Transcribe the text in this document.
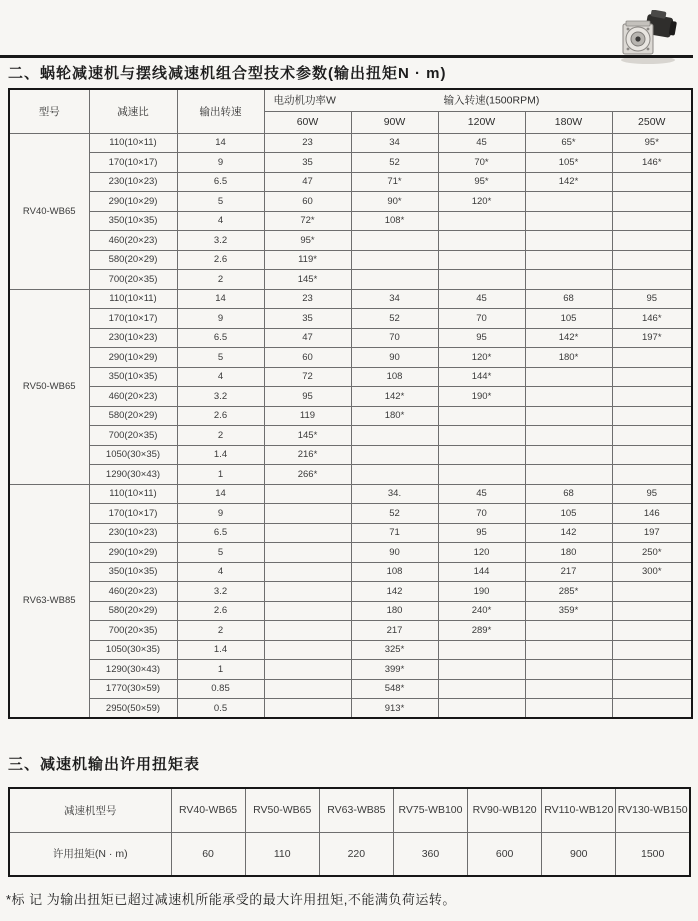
二、蜗轮减速机与摆线减速机组合型技术参数(输出扭矩N · m)
型号	减速比	输出转速	电动机功率W 输入转速(1500RPM)				

			60W	90W	120W	180W	250W
RV40-WB65	110(10×11)	14	23	34	45	65*	95*
	170(10×17)	9	35	52	70*	105*	146*
	230(10×23)	6.5	47	71*	95*	142*	
	290(10×29)	5	60	90*	120*		
	350(10×35)	4	72*	108*			
	460(20×23)	3.2	95*				
	580(20×29)	2.6	119*				
	700(20×35)	2	145*				
RV50-WB65	110(10×11)	14	23	34	45	68	95
	170(10×17)	9	35	52	70	105	146*
	230(10×23)	6.5	47	70	95	142*	197*
	290(10×29)	5	60	90	120*	180*	
	350(10×35)	4	72	108	144*		
	460(20×23)	3.2	95	142*	190*		
	580(20×29)	2.6	119	180*			
	700(20×35)	2	145*				
	1050(30×35)	1.4	216*				
	1290(30×43)	1	266*				
RV63-WB85	110(10×11)	14		34.	45	68	95
	170(10×17)	9		52	70	105	146
	230(10×23)	6.5		71	95	142	197
	290(10×29)	5		90	120	180	250*
	350(10×35)	4		108	144	217	300*
	460(20×23)	3.2		142	190	285*	
	580(20×29)	2.6		180	240*	359*	
	700(20×35)	2		217	289*		
	1050(30×35)	1.4		325*			
	1290(30×43)	1		399*			
	1770(30×59)	0.85		548*			
	2950(50×59)	0.5		913*			
三、减速机输出许用扭矩表
减速机型号	RV40-WB65	RV50-WB65	RV63-WB85	RV75-WB100	RV90-WB120	RV110-WB120	RV130-WB150
许用扭矩(N · m)	60	110	220	360	600	900	1500
*标 记 为输出扭矩已超过减速机所能承受的最大许用扭矩,不能满负荷运转。
